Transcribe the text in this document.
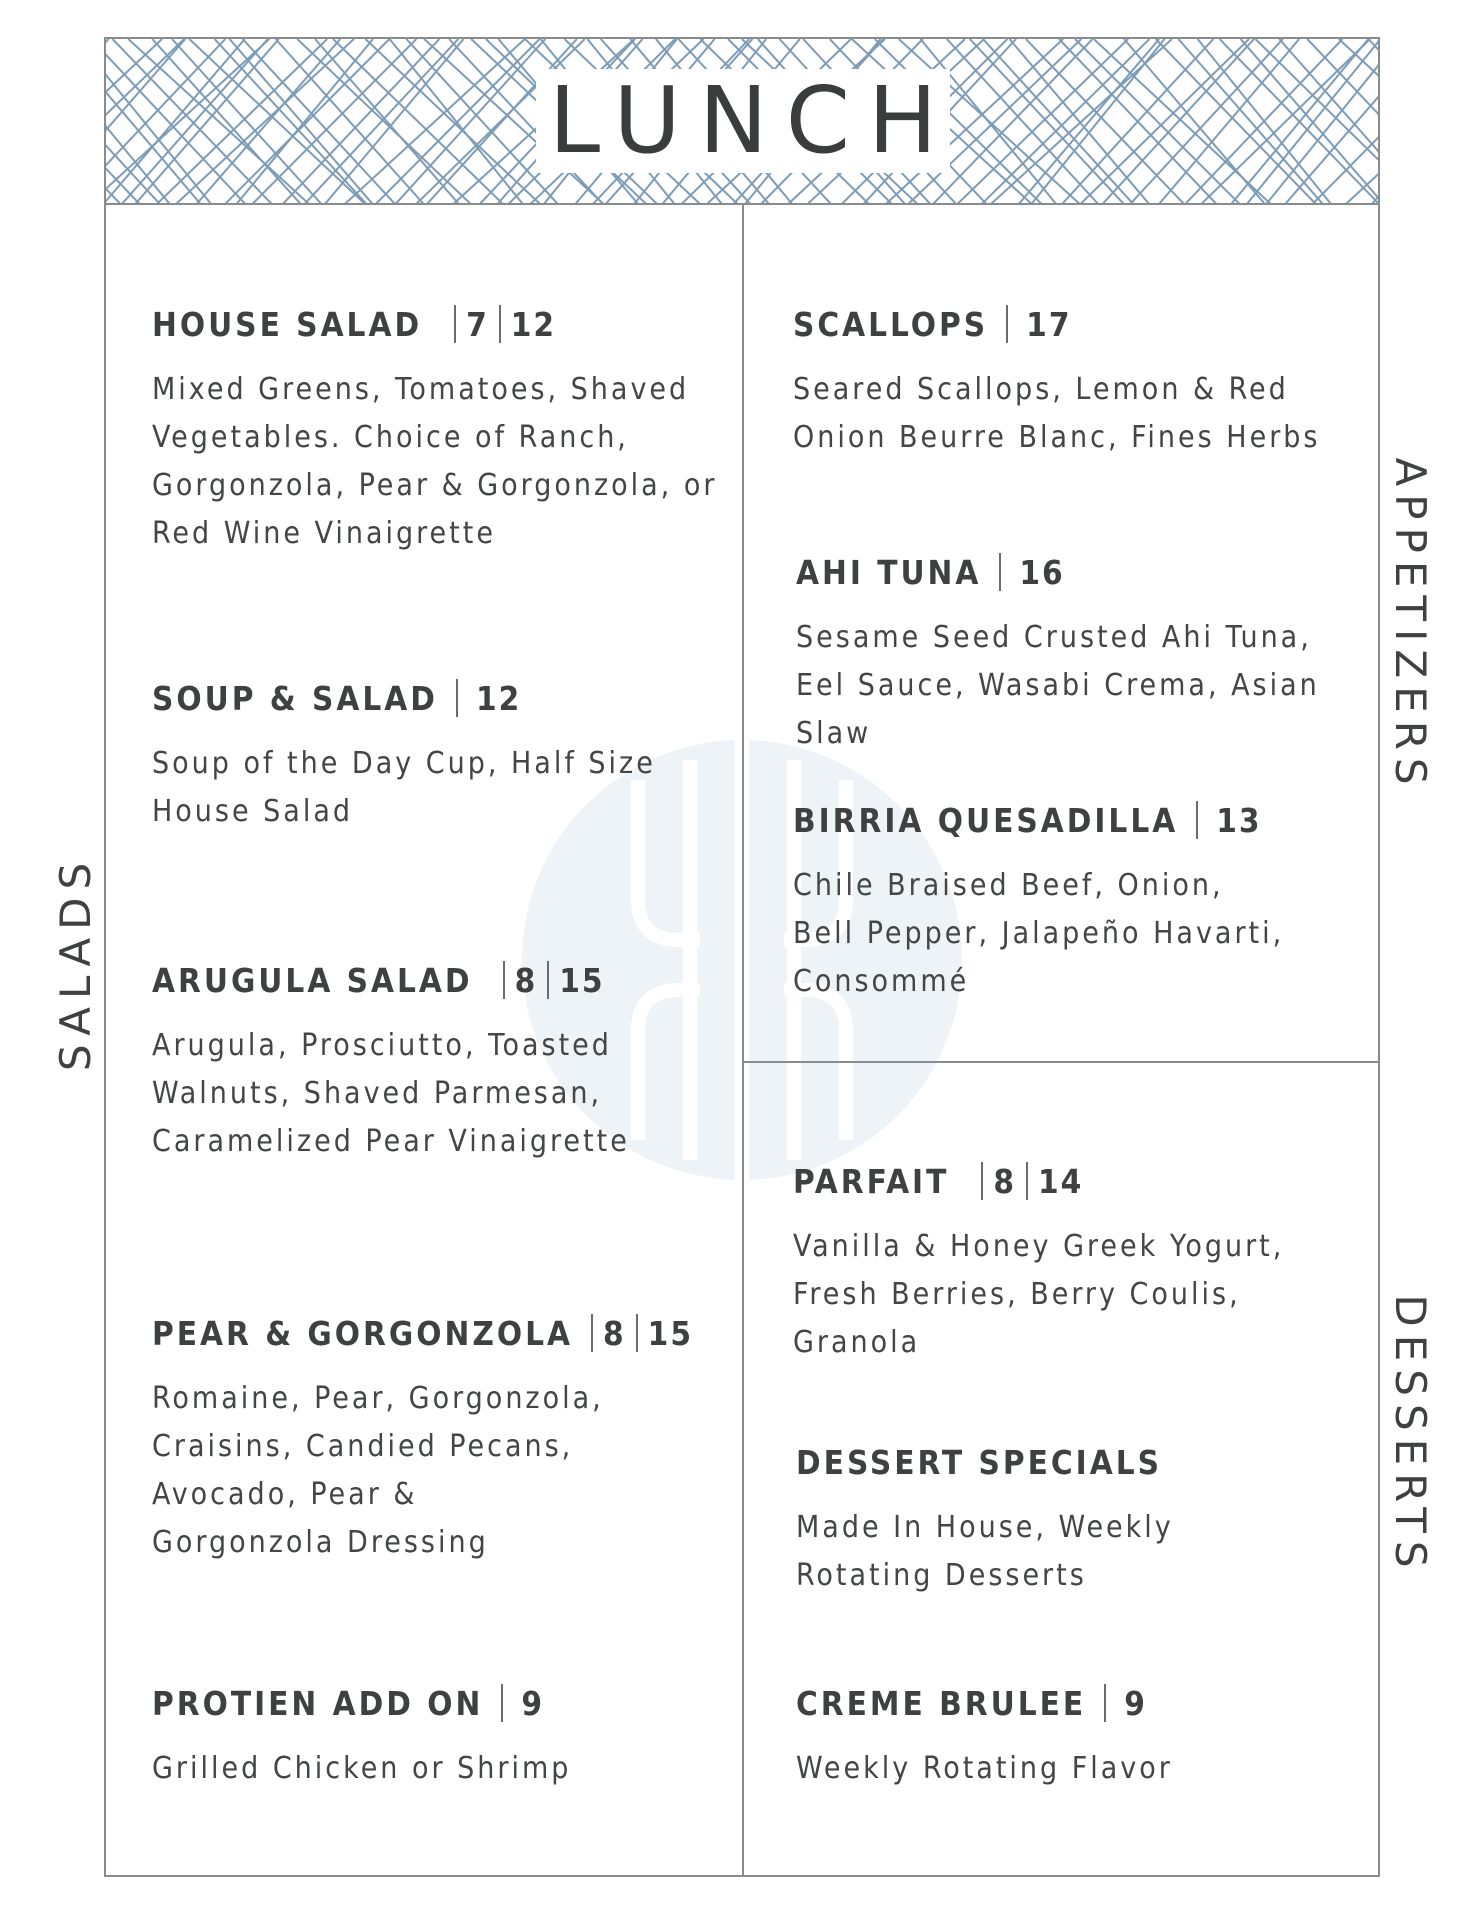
LUNCH
SALADS
APPETIZERS
DESSERTS
HOUSE SALAD 7 12
Mixed Greens, Tomatoes, Shaved Vegetables. Choice of Ranch, Gorgonzola, Pear & Gorgonzola, or Red Wine Vinaigrette
SOUP & SALAD 12
Soup of the Day Cup, Half Size House Salad
ARUGULA SALAD 8 15
Arugula, Prosciutto, Toasted Walnuts, Shaved Parmesan, Caramelized Pear Vinaigrette
PEAR & GORGONZOLA 8 15
Romaine, Pear, Gorgonzola, Craisins, Candied Pecans, Avocado, Pear & Gorgonzola Dressing
PROTIEN ADD ON 9
Grilled Chicken or Shrimp
SCALLOPS 17
Seared Scallops, Lemon & Red Onion Beurre Blanc, Fines Herbs
AHI TUNA 16
Sesame Seed Crusted Ahi Tuna, Eel Sauce, Wasabi Crema, Asian Slaw
BIRRIA QUESADILLA 13
Chile Braised Beef, Onion, Bell Pepper, Jalapeño Havarti, Consommé
PARFAIT 8 14
Vanilla & Honey Greek Yogurt, Fresh Berries, Berry Coulis, Granola
DESSERT SPECIALS
Made In House, Weekly Rotating Desserts
CREME BRULEE 9
Weekly Rotating Flavor
